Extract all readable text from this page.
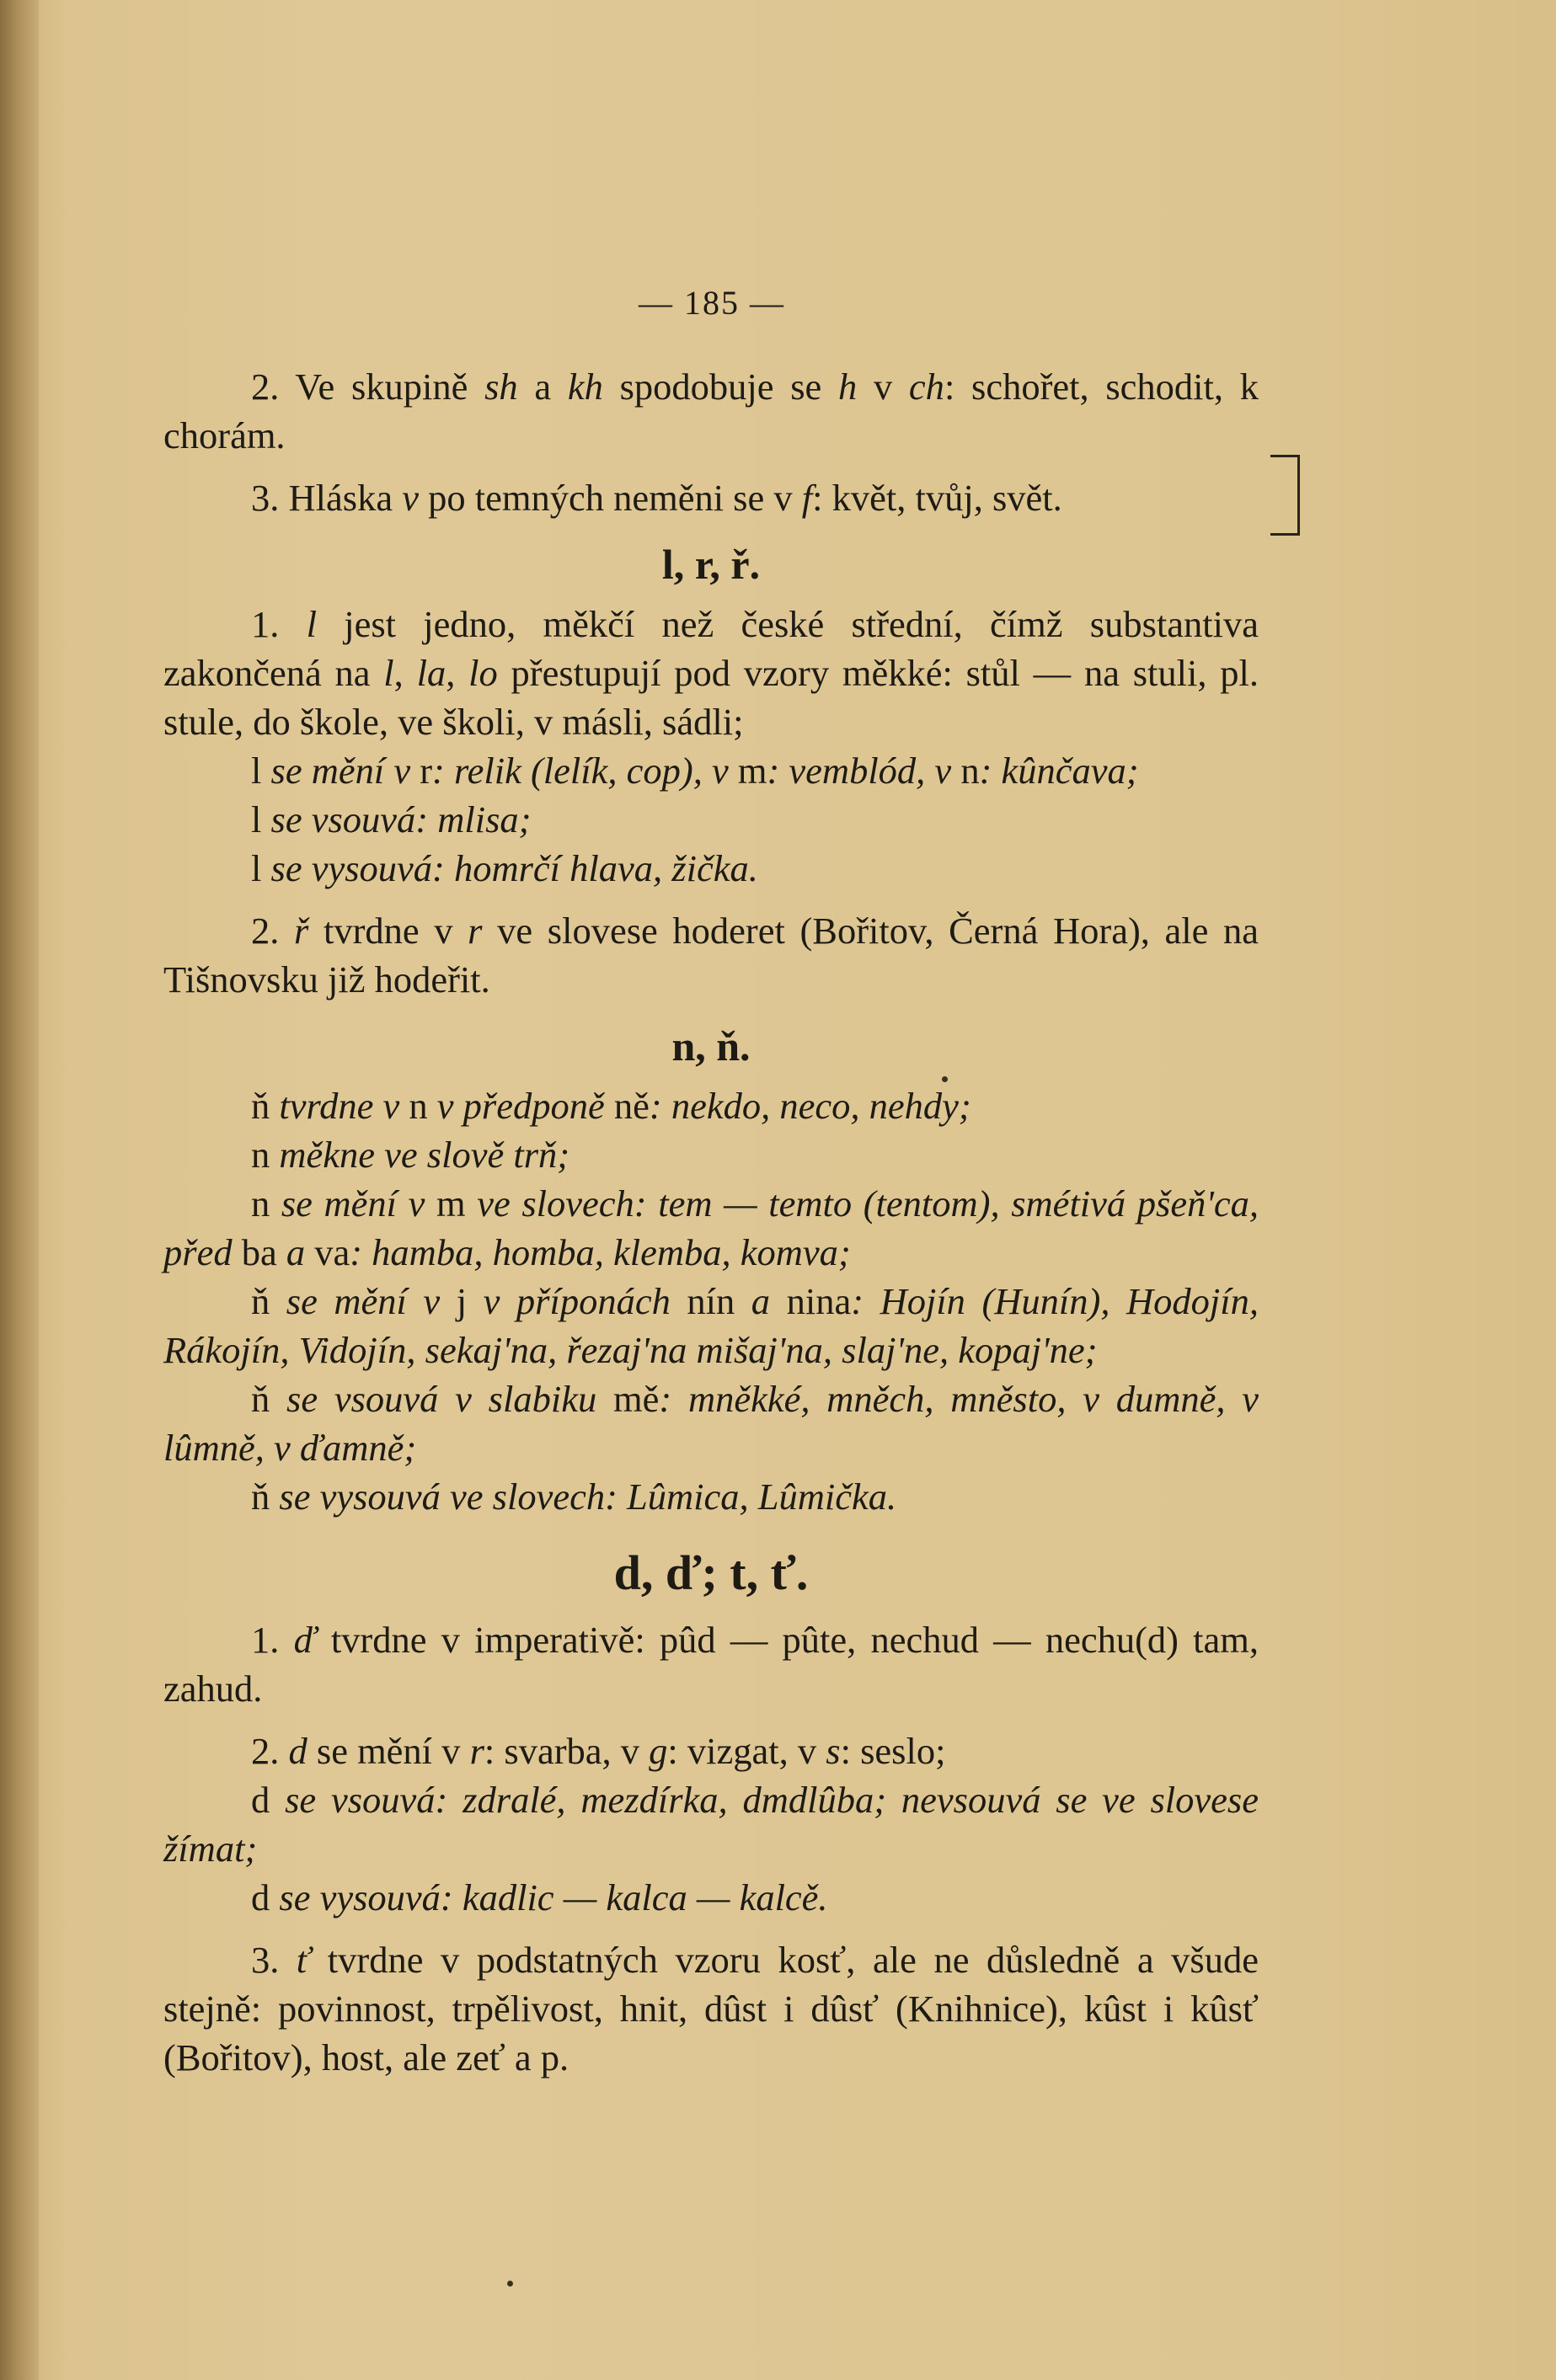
— 185 —

2. Ve skupině sh a kh spodobuje se h v ch: schořet, schodit, k chorám.

3. Hláska v po temných neměni se v f: květ, tvůj, svět.

l, r, ř.

1. l jest jedno, měkčí než české střední, čímž substantiva zakončená na l, la, lo přestupují pod vzory měkké: stůl — na stuli, pl. stule, do škole, ve školi, v másli, sádli;

l se mění v r: relik (lelík, cop), v m: vemblód, v n: kûnčava;

l se vsouvá: mlisa;

l se vysouvá: homrčí hlava, žička.

2. ř tvrdne v r ve slovese hoderet (Bořitov, Černá Hora), ale na Tišnovsku již hodeřit.

n, ň.

ň tvrdne v n v předponě ně: nekdo, neco, nehdy;

n měkne ve slově trň;

n se mění v m ve slovech: tem — temto (tentom), smétivá pšeň'ca, před ba a va: hamba, homba, klemba, komva;

ň se mění v j v příponách nín a nina: Hojín (Hunín), Hodojín, Rákojín, Vidojín, sekaj'na, řezaj'na mišaj'na, slaj'ne, kopaj'ne;

ň se vsouvá v slabiku mě: mněkké, mněch, mněsto, v dumně, v lûmně, v ďamně;

ň se vysouvá ve slovech: Lûmica, Lûmička.

d, ď; t, ť.

1. ď tvrdne v imperativě: pûd — pûte, nechud — nechu(d) tam, zahud.

2. d se mění v r: svarba, v g: vizgat, v s: seslo;

d se vsouvá: zdralé, mezdírka, dmdlûba; nevsouvá se ve slovese žímat;

d se vysouvá: kadlic — kalca — kalcě.

3. ť tvrdne v podstatných vzoru kosť, ale ne důsledně a všude stejně: povinnost, trpělivost, hnit, dûst i dûsť (Knihnice), kûst i kûsť (Bořitov), host, ale zeť a p.
